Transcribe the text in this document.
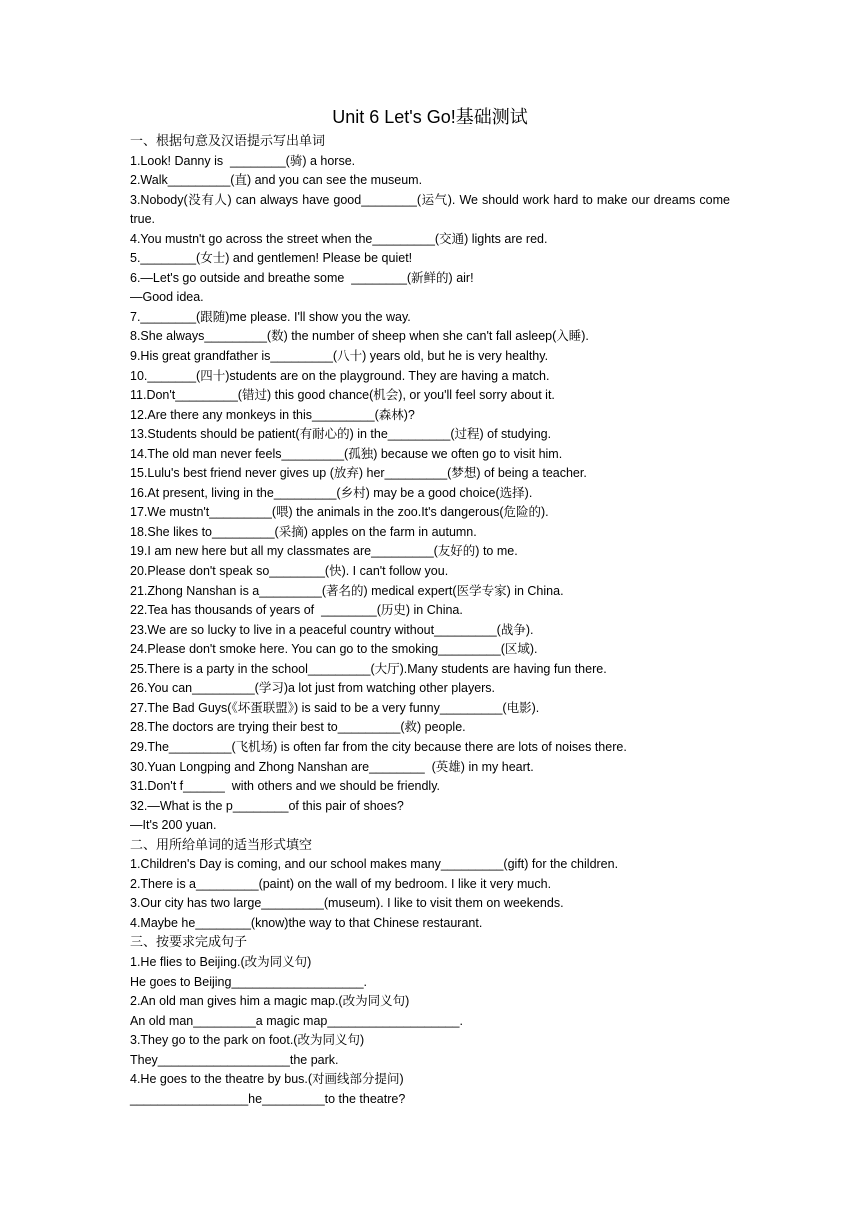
Unit 6 Let's Go!基础测试
一、根据句意及汉语提示写出单词
1.Look! Danny is  ________(骑) a horse.
2.Walk_________(直) and you can see the museum.
3.Nobody(没有人) can always have good________(运气). We should work hard to make our dreams come true.
4.You mustn't go across the street when the_________(交通) lights are red.
5.________(女士) and gentlemen! Please be quiet!
6.—Let's go outside and breathe some  ________(新鲜的) air!
—Good idea.
7.________(跟随)me please. I'll show you the way.
8.She always_________(数) the number of sheep when she can't fall asleep(入睡).
9.His great grandfather is_________(八十) years old, but he is very healthy.
10._______(四十)students are on the playground. They are having a match.
11.Don't_________(错过) this good chance(机会), or you'll feel sorry about it.
12.Are there any monkeys in this_________(森林)?
13.Students should be patient(有耐心的) in the_________(过程) of studying.
14.The old man never feels_________(孤独) because we often go to visit him.
15.Lulu's best friend never gives up (放弃) her_________(梦想) of being a teacher.
16.At present, living in the_________(乡村) may be a good choice(选择).
17.We mustn't_________(喂) the animals in the zoo.It's dangerous(危险的).
18.She likes to_________(采摘) apples on the farm in autumn.
19.I am new here but all my classmates are_________(友好的) to me.
20.Please don't speak so________(快). I can't follow you.
21.Zhong Nanshan is a_________(著名的) medical expert(医学专家) in China.
22.Tea has thousands of years of  ________(历史) in China.
23.We are so lucky to live in a peaceful country without_________(战争).
24.Please don't smoke here. You can go to the smoking_________(区域).
25.There is a party in the school_________(大厅).Many students are having fun there.
26.You can_________(学习)a lot just from watching other players.
27.The Bad Guys(《坏蛋联盟》) is said to be a very funny_________(电影).
28.The doctors are trying their best to_________(救) people.
29.The_________(飞机场) is often far from the city because there are lots of noises there.
30.Yuan Longping and Zhong Nanshan are________  (英雄) in my heart.
31.Don't f______  with others and we should be friendly.
32.—What is the p________of this pair of shoes?
—It's 200 yuan.
二、用所给单词的适当形式填空
1.Children's Day is coming, and our school makes many_________(gift) for the children.
2.There is a_________(paint) on the wall of my bedroom. I like it very much.
3.Our city has two large_________(museum). I like to visit them on weekends.
4.Maybe he________(know)the way to that Chinese restaurant.
三、按要求完成句子
1.He flies to Beijing.(改为同义句)
He goes to Beijing___________________.
2.An old man gives him a magic map.(改为同义句)
An old man_________a magic map___________________.
3.They go to the park on foot.(改为同义句)
They___________________the park.
4.He goes to the theatre by bus.(对画线部分提问)
_________________he_________to the theatre?
